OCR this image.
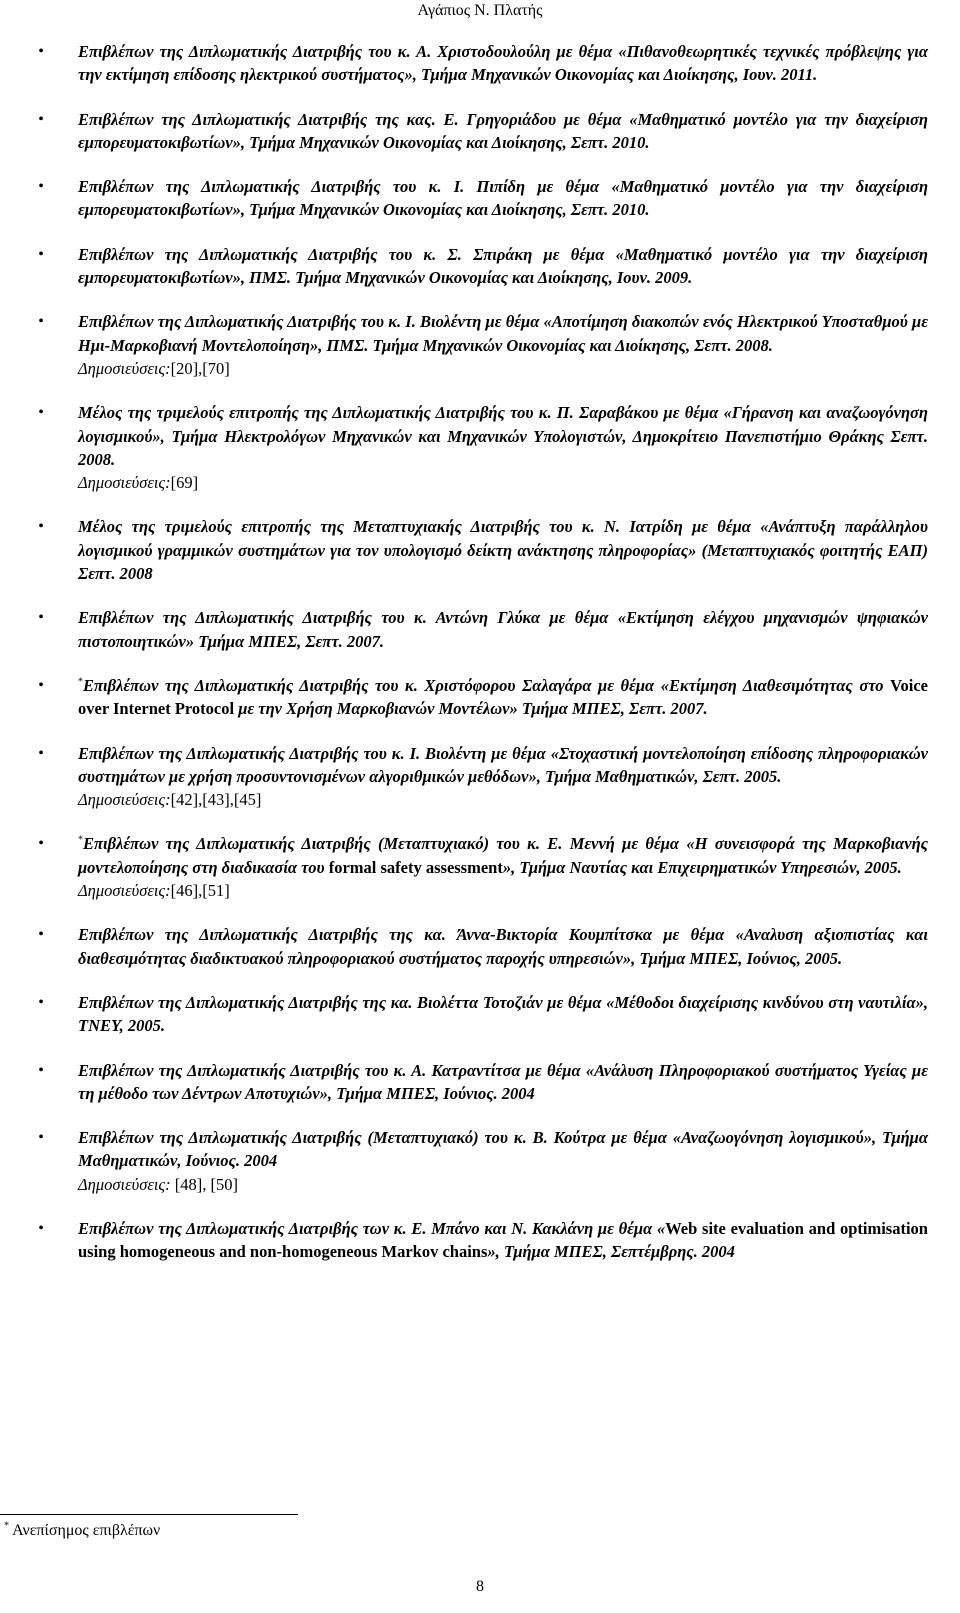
Αγάπιος Ν. Πλατής
• Επιβλέπων της Διπλωματικής Διατριβής του κ. Α. Χριστοδουλούλη με θέμα «Πιθανοθεωρητικές τεχνικές πρόβλεψης για την εκτίμηση επίδοσης ηλεκτρικού συστήματος», Τμήμα Μηχανικών Οικονομίας και Διοίκησης, Ιουν. 2011.
• Επιβλέπων της Διπλωματικής Διατριβής της κας. Ε. Γρηγοριάδου με θέμα «Μαθηματικό μοντέλο για την διαχείριση εμπορευματοκιβωτίων», Τμήμα Μηχανικών Οικονομίας και Διοίκησης, Σεπτ. 2010.
• Επιβλέπων της Διπλωματικής Διατριβής του κ. Ι. Πιπίδη με θέμα «Μαθηματικό μοντέλο για την διαχείριση εμπορευματοκιβωτίων», Τμήμα Μηχανικών Οικονομίας και Διοίκησης, Σεπτ. 2010.
• Επιβλέπων της Διπλωματικής Διατριβής του κ. Σ. Σπιράκη με θέμα «Μαθηματικό μοντέλο για την διαχείριση εμπορευματοκιβωτίων», ΠΜΣ. Τμήμα Μηχανικών Οικονομίας και Διοίκησης, Ιουν. 2009.
• Επιβλέπων της Διπλωματικής Διατριβής του κ. Ι. Βιολέντη με θέμα «Αποτίμηση διακοπών ενός Ηλεκτρικού Υποσταθμού με Ημι-Μαρκοβιανή Μοντελοποίηση», ΠΜΣ. Τμήμα Μηχανικών Οικονομίας και Διοίκησης, Σεπτ. 2008.
Δημοσιεύσεις:[20],[70]
• Μέλος της τριμελούς επιτροπής της Διπλωματικής Διατριβής του κ. Π. Σαραβάκου με θέμα «Γήρανση και αναζωογόνηση λογισμικού», Τμήμα Ηλεκτρολόγων Μηχανικών και Μηχανικών Υπολογιστών, Δημοκρίτειο Πανεπιστήμιο Θράκης Σεπτ. 2008.
Δημοσιεύσεις:[69]
• Μέλος της τριμελούς επιτροπής της Μεταπτυχιακής Διατριβής του κ. Ν. Ιατρίδη με θέμα «Ανάπτυξη παράλληλου λογισμικού γραμμικών συστημάτων για τον υπολογισμό δείκτη ανάκτησης πληροφορίας» (Μεταπτυχιακός φοιτητής ΕΑΠ) Σεπτ. 2008
• Επιβλέπων της Διπλωματικής Διατριβής του κ. Αντώνη Γλύκα με θέμα «Εκτίμηση ελέγχου μηχανισμών ψηφιακών πιστοποιητικών» Τμήμα ΜΠΕΣ, Σεπτ. 2007.
•	*Επιβλέπων της Διπλωματικής Διατριβής του κ. Χριστόφορου Σαλαγάρα με θέμα «Εκτίμηση Διαθεσιμότητας στο Voice over Internet Protocol με την Χρήση Μαρκοβιανών Μοντέλων» Τμήμα ΜΠΕΣ, Σεπτ. 2007.
• Επιβλέπων της Διπλωματικής Διατριβής του κ. Ι. Βιολέντη με θέμα «Στοχαστική μοντελοποίηση επίδοσης πληροφοριακών συστημάτων με χρήση προσυντονισμένων αλγοριθμικών μεθόδων», Τμήμα Μαθηματικών, Σεπτ. 2005.
Δημοσιεύσεις:[42],[43],[45]
•	*Επιβλέπων της Διπλωματικής Διατριβής (Μεταπτυχιακό) του κ. Ε. Μεννή με θέμα «Η συνεισφορά της Μαρκοβιανής μοντελοποίησης στη διαδικασία του formal safety assessment», Τμήμα Ναυτίας και Επιχειρηματικών Υπηρεσιών, 2005.
Δημοσιεύσεις:[46],[51]
• Επιβλέπων της Διπλωματικής Διατριβής της κα. Άννα-Βικτορία Κουμπίτσκα με θέμα «Αναλυση αξιοπιστίας και διαθεσιμότητας διαδικτυακού πληροφοριακού συστήματος παροχής υπηρεσιών», Τμήμα ΜΠΕΣ, Ιούνιος, 2005.
• Επιβλέπων της Διπλωματικής Διατριβής της κα. Βιολέττα Τοτοζιάν με θέμα «Μέθοδοι διαχείρισης κινδύνου στη ναυτιλία», ΤΝΕΥ, 2005.
• Επιβλέπων της Διπλωματικής Διατριβής του κ. Α. Κατραντίτσα με θέμα «Ανάλυση Πληροφοριακού συστήματος Υγείας με τη μέθοδο των Δέντρων Αποτυχιών», Τμήμα ΜΠΕΣ, Ιούνιος. 2004
• Επιβλέπων της Διπλωματικής Διατριβής (Μεταπτυχιακό) του κ. Β. Κούτρα με θέμα «Αναζωογόνηση λογισμικού», Τμήμα Μαθηματικών, Ιούνιος. 2004
Δημοσιεύσεις: [48], [50]
• Επιβλέπων της Διπλωματικής Διατριβής των κ. Ε. Μπάνο και Ν. Κακλάνη με θέμα «Web site evaluation and optimisation using homogeneous and non-homogeneous Markov chains», Τμήμα ΜΠΕΣ, Σεπτέμβρης. 2004
* Ανεπίσημος επιβλέπων
8
